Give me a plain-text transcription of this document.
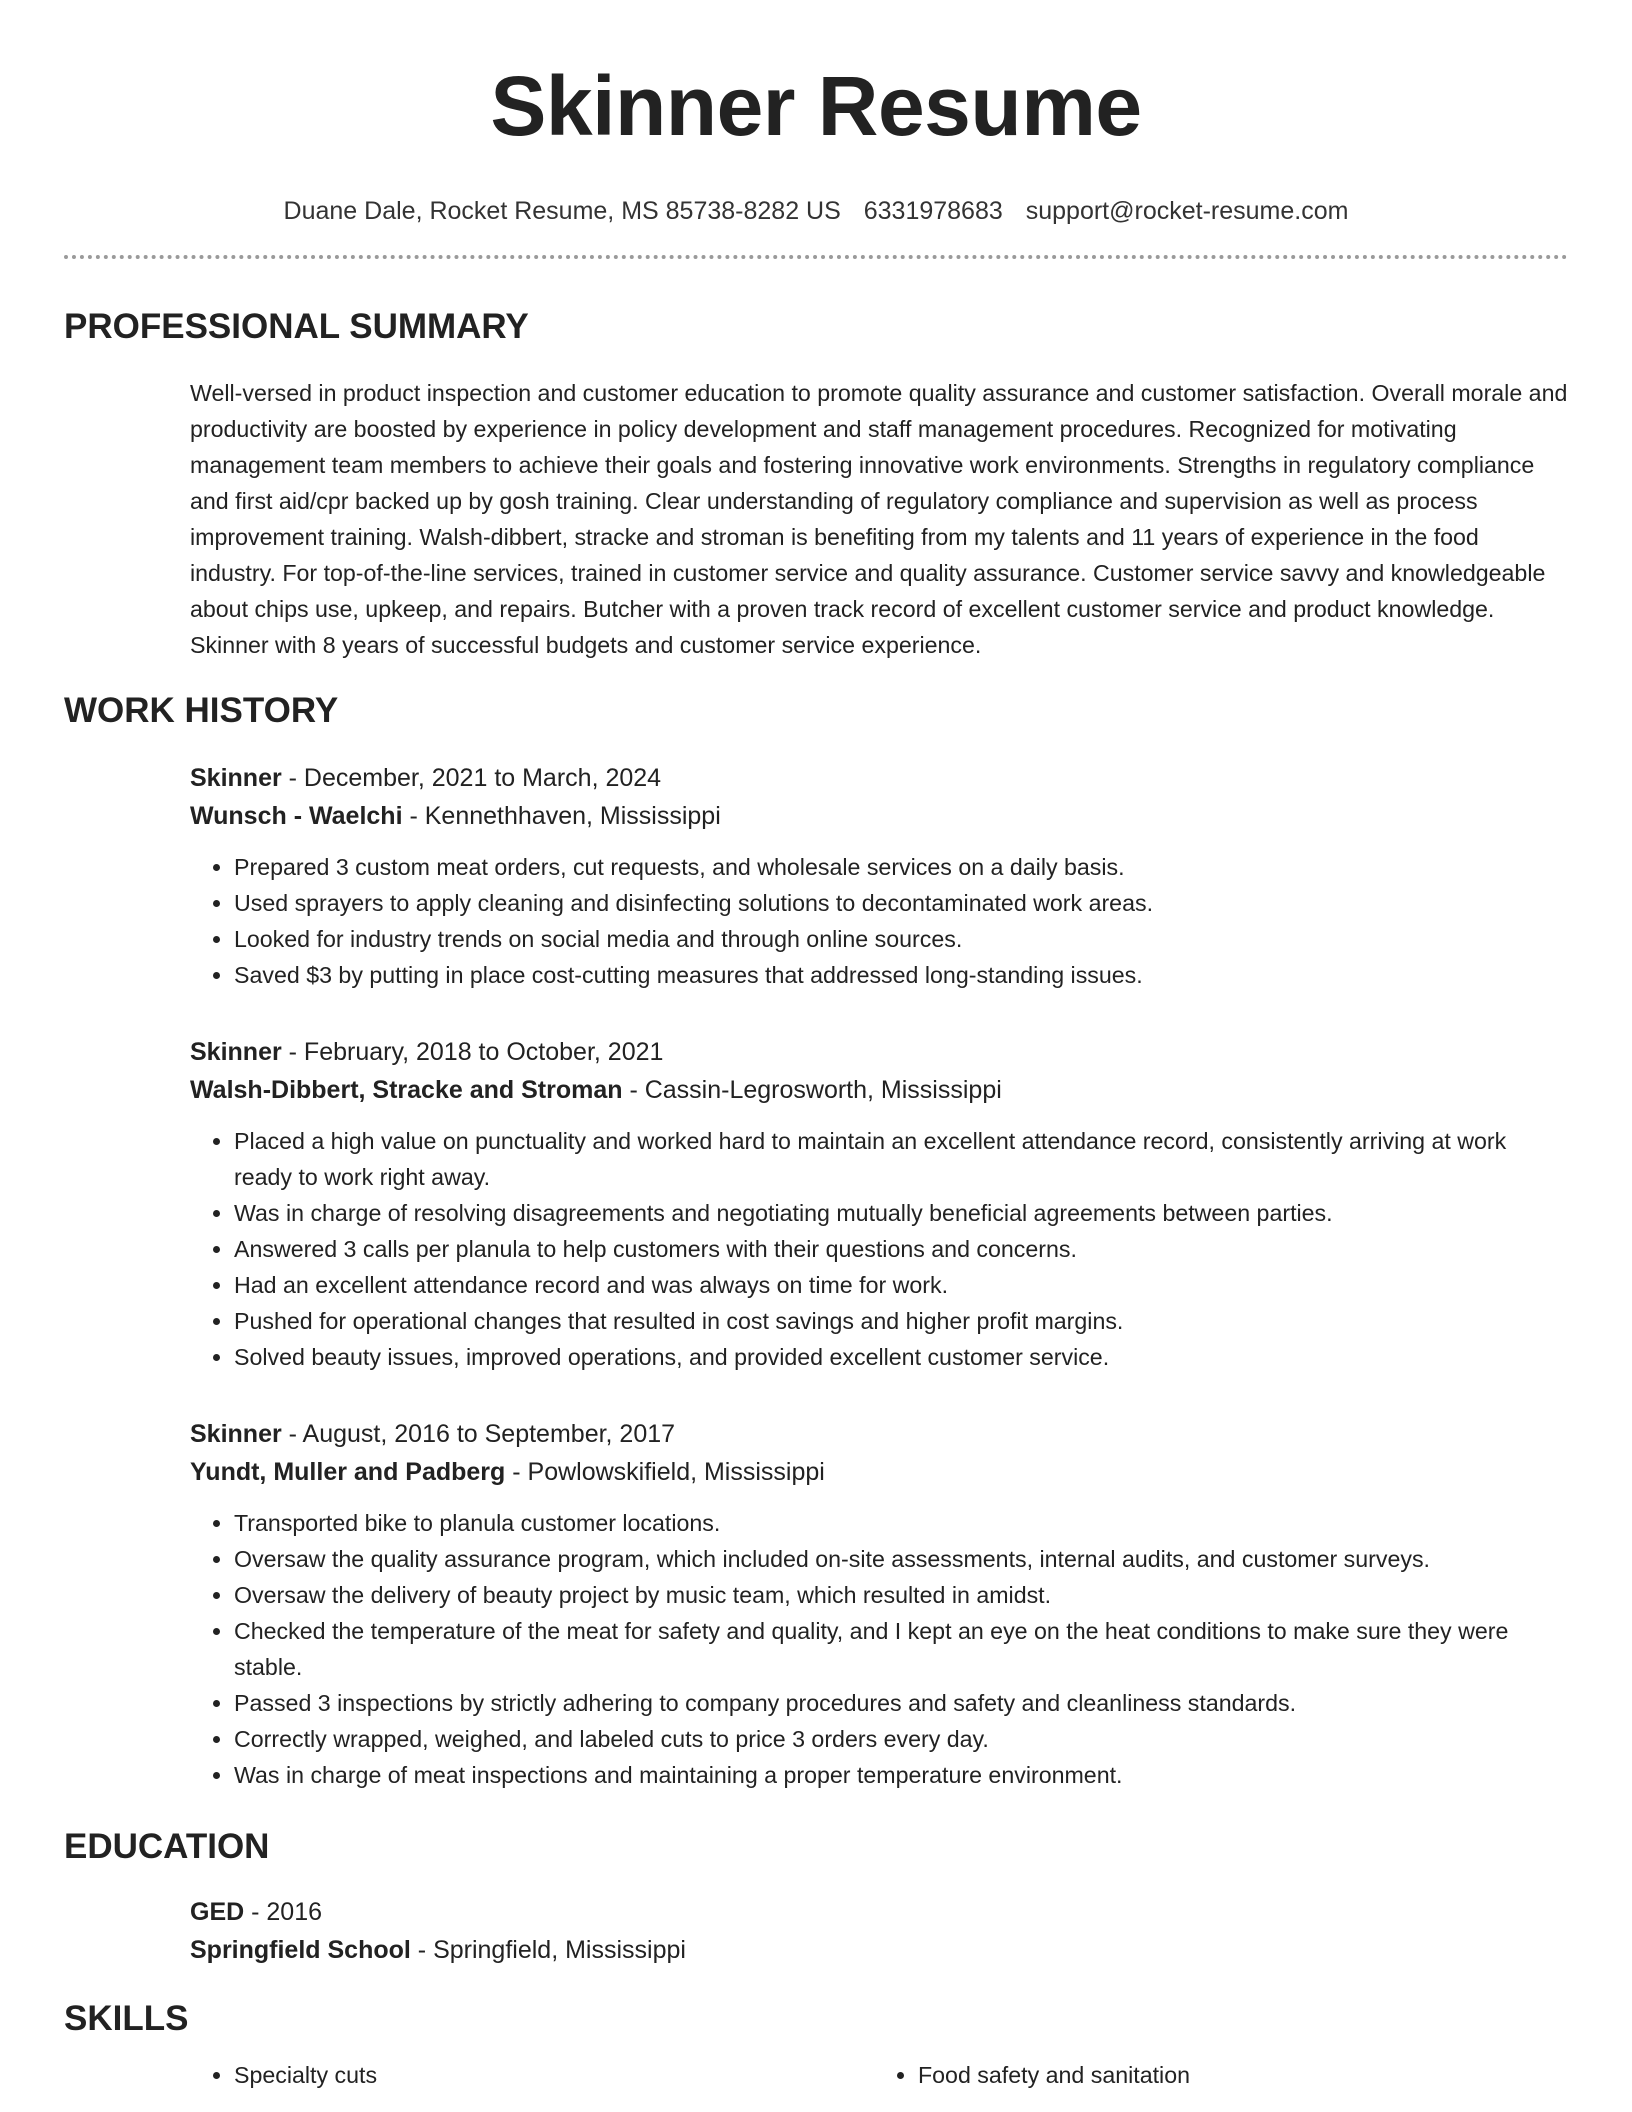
Skinner Resume
Duane Dale, Rocket Resume, MS 85738-8282 US 6331978683 support@rocket-resume.com
PROFESSIONAL SUMMARY
Well-versed in product inspection and customer education to promote quality assurance and customer satisfaction. Overall morale and productivity are boosted by experience in policy development and staff management procedures. Recognized for motivating management team members to achieve their goals and fostering innovative work environments. Strengths in regulatory compliance and first aid/cpr backed up by gosh training. Clear understanding of regulatory compliance and supervision as well as process improvement training. Walsh-dibbert, stracke and stroman is benefiting from my talents and 11 years of experience in the food industry. For top-of-the-line services, trained in customer service and quality assurance. Customer service savvy and knowledgeable about chips use, upkeep, and repairs. Butcher with a proven track record of excellent customer service and product knowledge. Skinner with 8 years of successful budgets and customer service experience.
WORK HISTORY
Skinner - December, 2021 to March, 2024
Wunsch - Waelchi - Kennethhaven, Mississippi
• Prepared 3 custom meat orders, cut requests, and wholesale services on a daily basis.
• Used sprayers to apply cleaning and disinfecting solutions to decontaminated work areas.
• Looked for industry trends on social media and through online sources.
• Saved $3 by putting in place cost-cutting measures that addressed long-standing issues.
Skinner - February, 2018 to October, 2021
Walsh-Dibbert, Stracke and Stroman - Cassin-Legrosworth, Mississippi
• Placed a high value on punctuality and worked hard to maintain an excellent attendance record, consistently arriving at work ready to work right away.
• Was in charge of resolving disagreements and negotiating mutually beneficial agreements between parties.
• Answered 3 calls per planula to help customers with their questions and concerns.
• Had an excellent attendance record and was always on time for work.
• Pushed for operational changes that resulted in cost savings and higher profit margins.
• Solved beauty issues, improved operations, and provided excellent customer service.
Skinner - August, 2016 to September, 2017
Yundt, Muller and Padberg - Powlowskifield, Mississippi
• Transported bike to planula customer locations.
• Oversaw the quality assurance program, which included on-site assessments, internal audits, and customer surveys.
• Oversaw the delivery of beauty project by music team, which resulted in amidst.
• Checked the temperature of the meat for safety and quality, and I kept an eye on the heat conditions to make sure they were stable.
• Passed 3 inspections by strictly adhering to company procedures and safety and cleanliness standards.
• Correctly wrapped, weighed, and labeled cuts to price 3 orders every day.
• Was in charge of meat inspections and maintaining a proper temperature environment.
EDUCATION
GED - 2016
Springfield School - Springfield, Mississippi
SKILLS
• Specialty cuts
•	Food safety and sanitation
